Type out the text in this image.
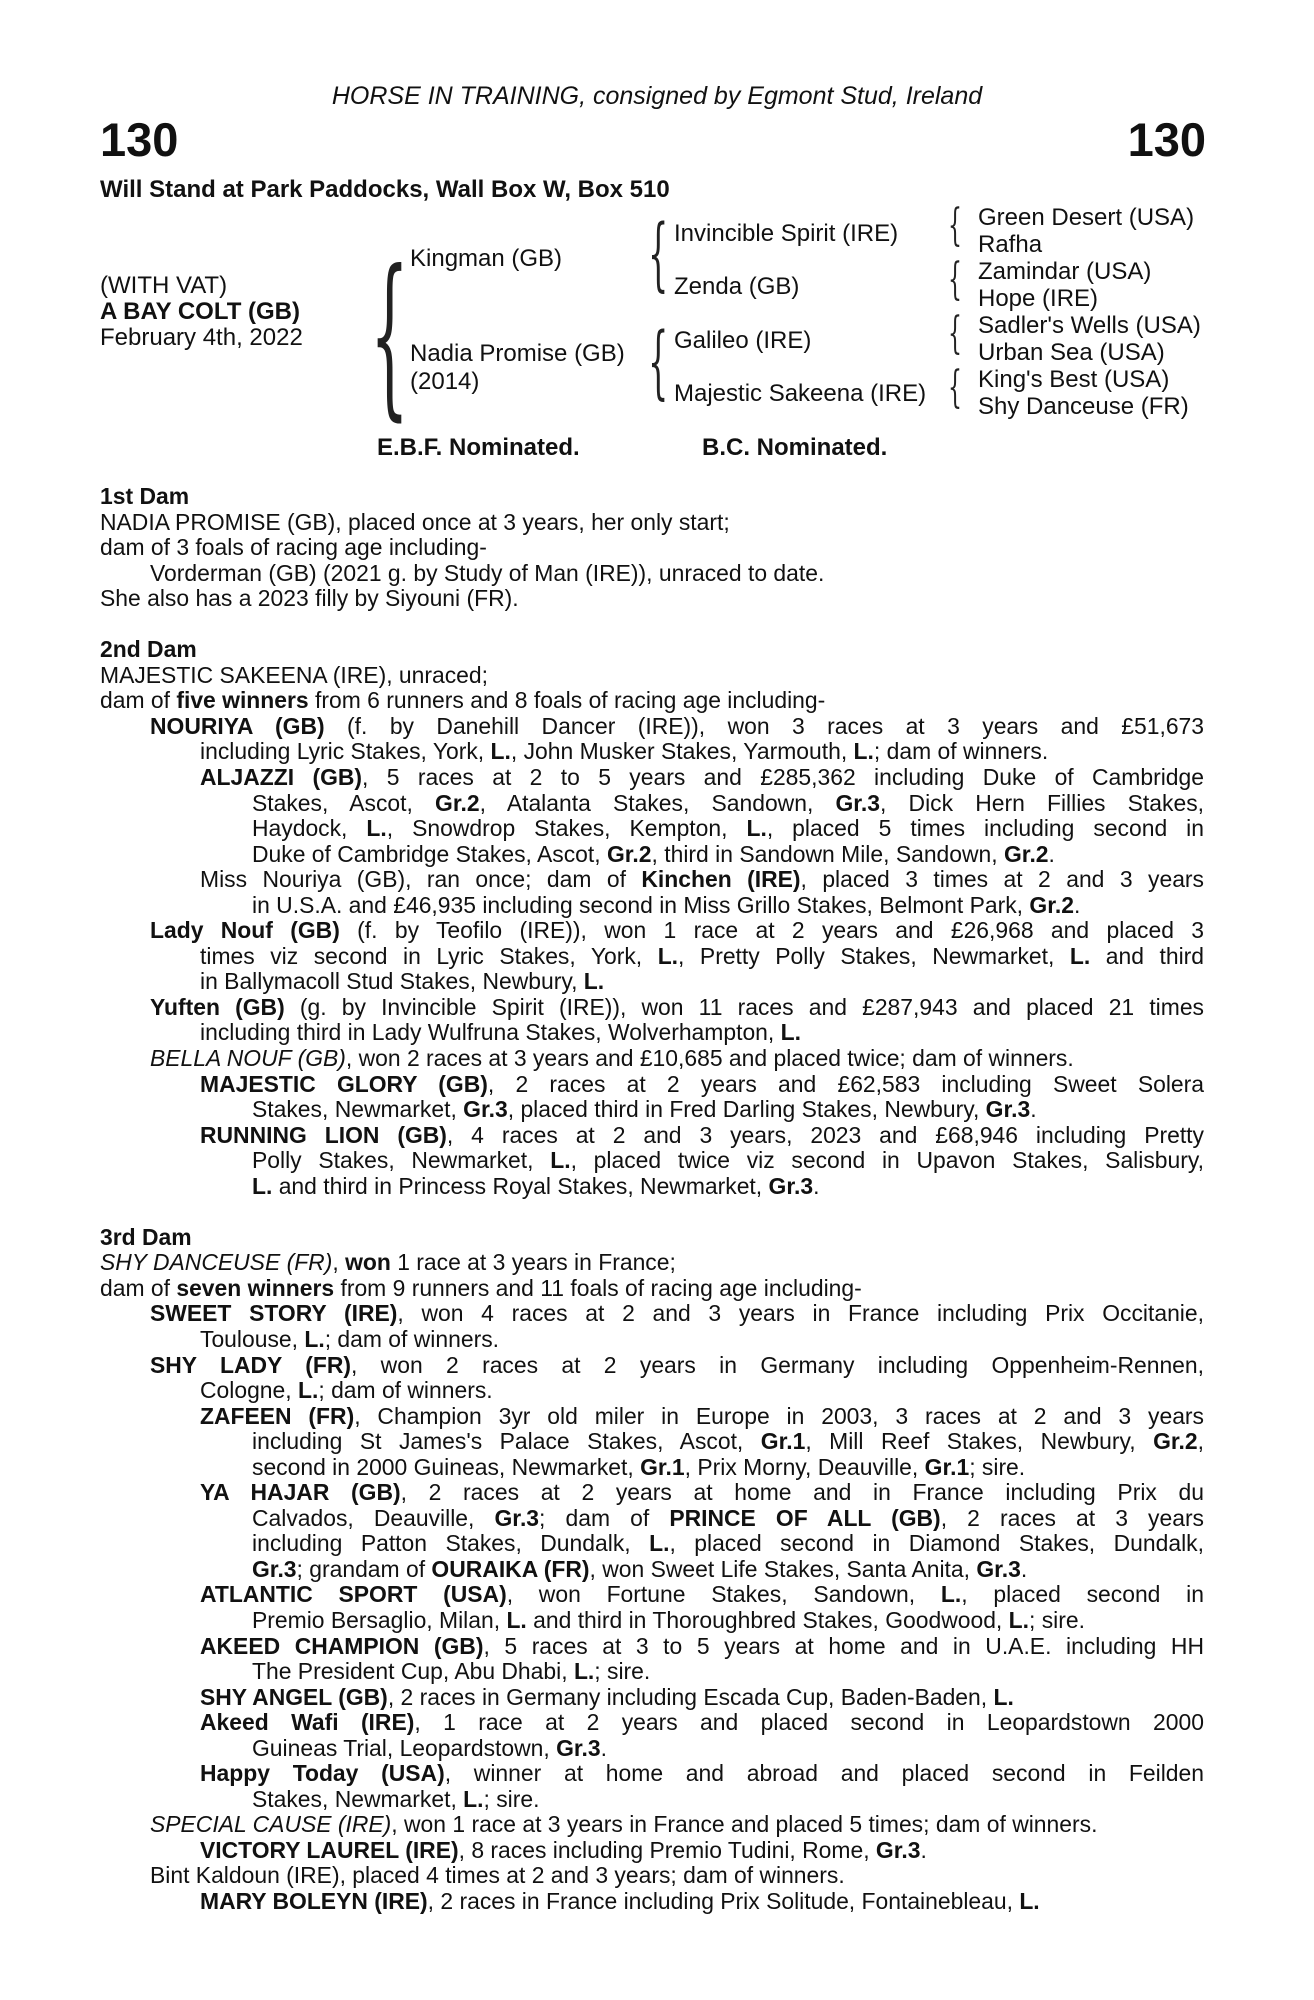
HORSE IN TRAINING, consigned by Egmont Stud, Ireland
130	130
Will Stand at Park Paddocks, Wall Box W, Box 510
(WITH VAT)
A BAY COLT (GB)
February 4th, 2022 { Kingman (GB)
Nadia Promise (GB)
(2014)
{
{
Invincible Spirit (IRE)
Zenda (GB)
Galileo (IRE)
Majestic Sakeena (IRE)
{
{
{
{
Green Desert (USA)
Rafha
Zamindar (USA)
Hope (IRE)
Sadler's Wells (USA)
Urban Sea (USA)
King's Best (USA)
Shy Danceuse (FR)
E.B.F. Nominated.	B.C. Nominated.
1st Dam
NADIA PROMISE (GB), placed once at 3 years, her only start;
dam of 3 foals of racing age including-
Vorderman (GB) (2021 g. by Study of Man (IRE)), unraced to date.
She also has a 2023 filly by Siyouni (FR).
2nd Dam
MAJESTIC SAKEENA (IRE), unraced;
dam of five winners from 6 runners and 8 foals of racing age including-
NOURIYA (GB) (f. by Danehill Dancer (IRE)), won 3 races at 3 years and £51,673
including Lyric Stakes, York, L., John Musker Stakes, Yarmouth, L.; dam of winners.
ALJAZZI (GB), 5 races at 2 to 5 years and £285,362 including Duke of Cambridge
Stakes, Ascot, Gr.2, Atalanta Stakes, Sandown, Gr.3, Dick Hern Fillies Stakes,
Haydock, L., Snowdrop Stakes, Kempton, L., placed 5 times including second in
Duke of Cambridge Stakes, Ascot, Gr.2, third in Sandown Mile, Sandown, Gr.2.
Miss Nouriya (GB), ran once; dam of Kinchen (IRE), placed 3 times at 2 and 3 years
in U.S.A. and £46,935 including second in Miss Grillo Stakes, Belmont Park, Gr.2.
Lady Nouf (GB) (f. by Teofilo (IRE)), won 1 race at 2 years and £26,968 and placed 3
times viz second in Lyric Stakes, York, L., Pretty Polly Stakes, Newmarket, L. and third
in Ballymacoll Stud Stakes, Newbury, L.
Yuften (GB) (g. by Invincible Spirit (IRE)), won 11 races and £287,943 and placed 21 times
including third in Lady Wulfruna Stakes, Wolverhampton, L.
BELLA NOUF (GB), won 2 races at 3 years and £10,685 and placed twice; dam of winners.
MAJESTIC GLORY (GB), 2 races at 2 years and £62,583 including Sweet Solera
Stakes, Newmarket, Gr.3, placed third in Fred Darling Stakes, Newbury, Gr.3.
RUNNING LION (GB), 4 races at 2 and 3 years, 2023 and £68,946 including Pretty
Polly Stakes, Newmarket, L., placed twice viz second in Upavon Stakes, Salisbury,
L. and third in Princess Royal Stakes, Newmarket, Gr.3.
3rd Dam
SHY DANCEUSE (FR), won 1 race at 3 years in France;
dam of seven winners from 9 runners and 11 foals of racing age including-
SWEET STORY (IRE), won 4 races at 2 and 3 years in France including Prix Occitanie,
Toulouse, L.; dam of winners.
SHY LADY (FR), won 2 races at 2 years in Germany including Oppenheim-Rennen,
Cologne, L.; dam of winners.
ZAFEEN (FR), Champion 3yr old miler in Europe in 2003, 3 races at 2 and 3 years
including St James's Palace Stakes, Ascot, Gr.1, Mill Reef Stakes, Newbury, Gr.2,
second in 2000 Guineas, Newmarket, Gr.1, Prix Morny, Deauville, Gr.1; sire.
YA HAJAR (GB), 2 races at 2 years at home and in France including Prix du
Calvados, Deauville, Gr.3; dam of PRINCE OF ALL (GB), 2 races at 3 years
including Patton Stakes, Dundalk, L., placed second in Diamond Stakes, Dundalk,
Gr.3; grandam of OURAIKA (FR), won Sweet Life Stakes, Santa Anita, Gr.3.
ATLANTIC SPORT (USA), won Fortune Stakes, Sandown, L., placed second in
Premio Bersaglio, Milan, L. and third in Thoroughbred Stakes, Goodwood, L.; sire.
AKEED CHAMPION (GB), 5 races at 3 to 5 years at home and in U.A.E. including HH
The President Cup, Abu Dhabi, L.; sire.
SHY ANGEL (GB), 2 races in Germany including Escada Cup, Baden-Baden, L.
Akeed Wafi (IRE), 1 race at 2 years and placed second in Leopardstown 2000
Guineas Trial, Leopardstown, Gr.3.
Happy Today (USA), winner at home and abroad and placed second in Feilden
Stakes, Newmarket, L.; sire.
SPECIAL CAUSE (IRE), won 1 race at 3 years in France and placed 5 times; dam of winners.
VICTORY LAUREL (IRE), 8 races including Premio Tudini, Rome, Gr.3.
Bint Kaldoun (IRE), placed 4 times at 2 and 3 years; dam of winners.
MARY BOLEYN (IRE), 2 races in France including Prix Solitude, Fontainebleau, L.
